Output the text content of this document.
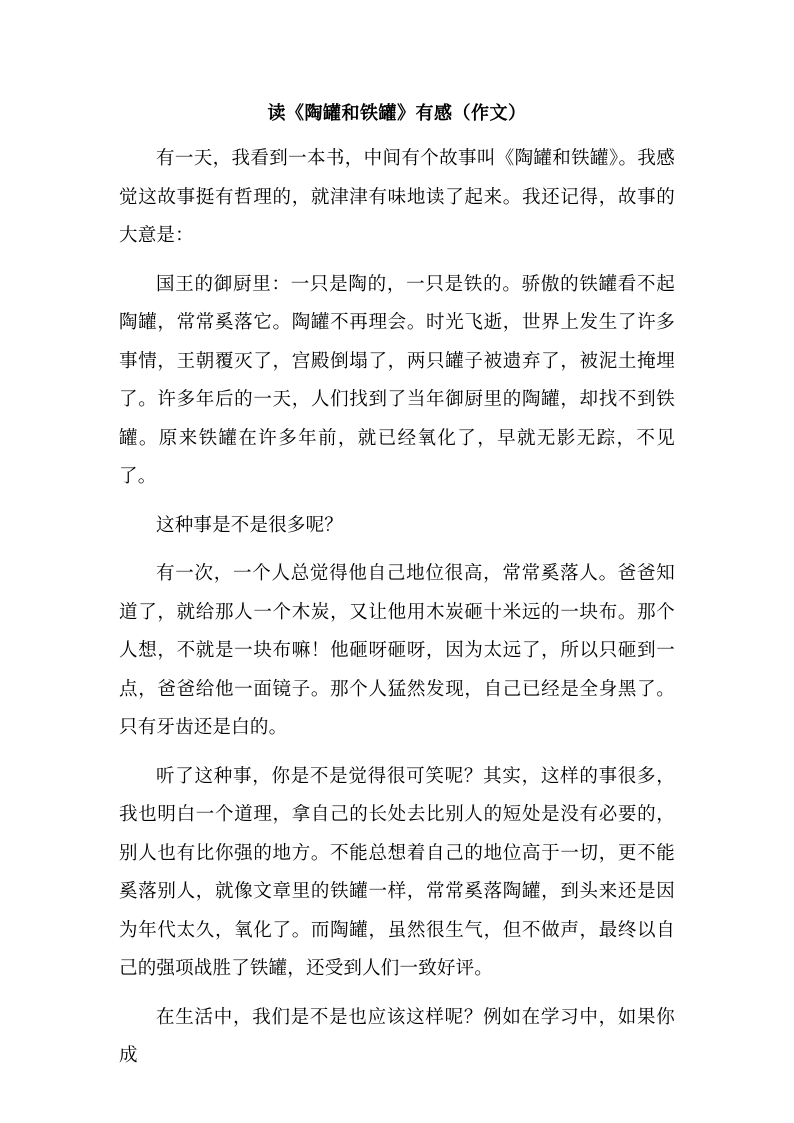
读《陶罐和铁罐》有感（作文）

有一天，我看到一本书，中间有个故事叫《陶罐和铁罐》。我感觉这故事挺有哲理的，就津津有味地读了起来。我还记得，故事的大意是：

国王的御厨里：一只是陶的，一只是铁的。骄傲的铁罐看不起陶罐，常常奚落它。陶罐不再理会。时光飞逝，世界上发生了许多事情，王朝覆灭了，宫殿倒塌了，两只罐子被遗弃了，被泥土掩埋了。许多年后的一天，人们找到了当年御厨里的陶罐，却找不到铁罐。原来铁罐在许多年前，就已经氧化了，早就无影无踪，不见了。

这种事是不是很多呢？

有一次，一个人总觉得他自己地位很高，常常奚落人。爸爸知道了，就给那人一个木炭，又让他用木炭砸十米远的一块布。那个人想，不就是一块布嘛！他砸呀砸呀，因为太远了，所以只砸到一点，爸爸给他一面镜子。那个人猛然发现，自己已经是全身黑了。只有牙齿还是白的。

听了这种事，你是不是觉得很可笑呢？其实，这样的事很多，我也明白一个道理，拿自己的长处去比别人的短处是没有必要的，别人也有比你强的地方。不能总想着自己的地位高于一切，更不能奚落别人，就像文章里的铁罐一样，常常奚落陶罐，到头来还是因为年代太久，氧化了。而陶罐，虽然很生气，但不做声，最终以自己的强项战胜了铁罐，还受到人们一致好评。

在生活中，我们是不是也应该这样呢？例如在学习中，如果你成
